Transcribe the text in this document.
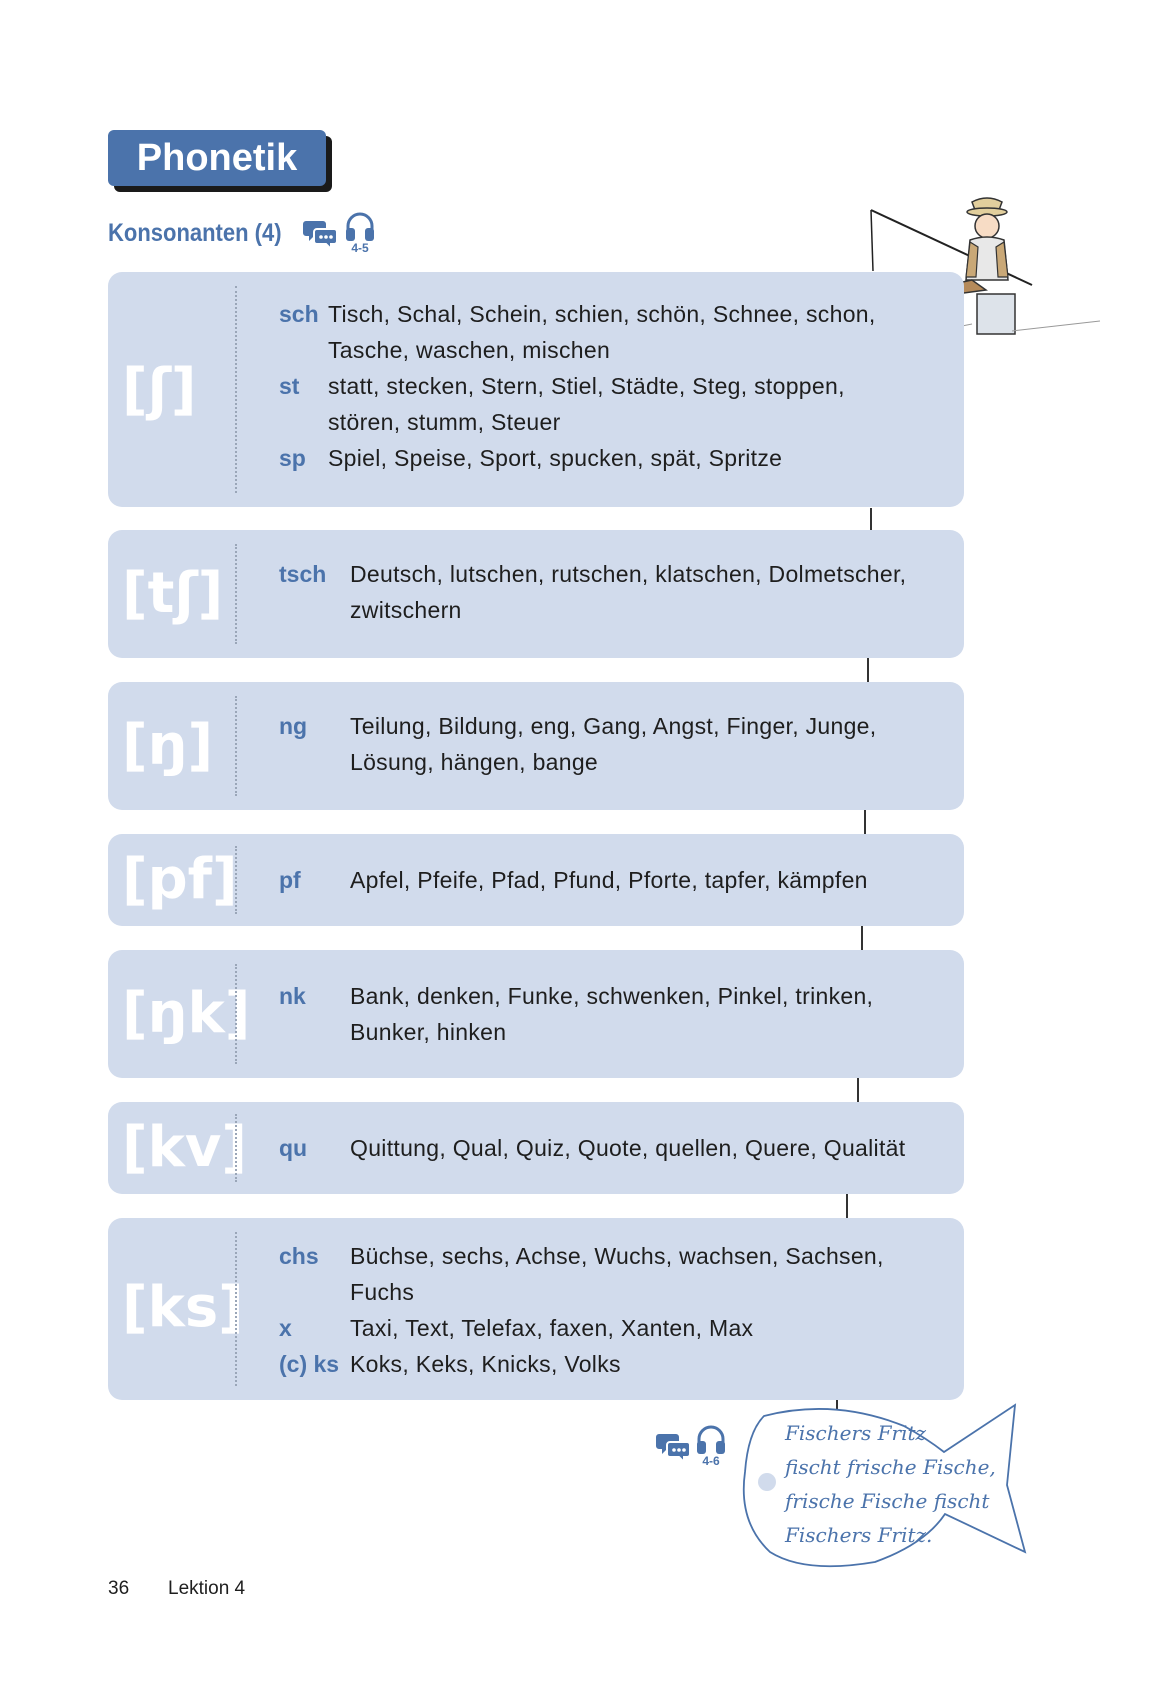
Phonetik
Konsonanten (4)
4-5
[ʃ]
sch Tisch, Schal, Schein, schien, schön, Schnee, schon,
Tasche, waschen, mischen
st	statt, stecken, Stern, Stiel, Städte, Steg, stoppen,
stören, stumm, Steuer
sp Spiel, Speise, Sport, spucken, spät, Spritze
[tʃ] tsch	Deutsch, lutschen, rutschen, klatschen, Dolmetscher,
zwitschern
[ŋ]	ng	Teilung, Bildung, eng, Gang, Angst, Finger, Junge,
Lösung, hängen, bange
[pf] pf	Apfel, Pfeife, Pfad, Pfund, Pforte, tapfer, kämpfen
[ŋk] nk	Bank, denken, Funke, schwenken, Pinkel, trinken,
Bunker, hinken
[kv] qu	Quittung, Qual, Quiz, Quote, quellen, Quere, Qualität
[ks]
chs	Büchse, sechs, Achse, Wuchs, wachsen, Sachsen,
Fuchs
x	Taxi, Text, Telefax, faxen, Xanten, Max
(c) ks Koks, Keks, Knicks, Volks
4-6
Fischers Fritz
fischt frische Fische,
frische Fische fischt
Fischers Fritz.
36 Lektion 4
